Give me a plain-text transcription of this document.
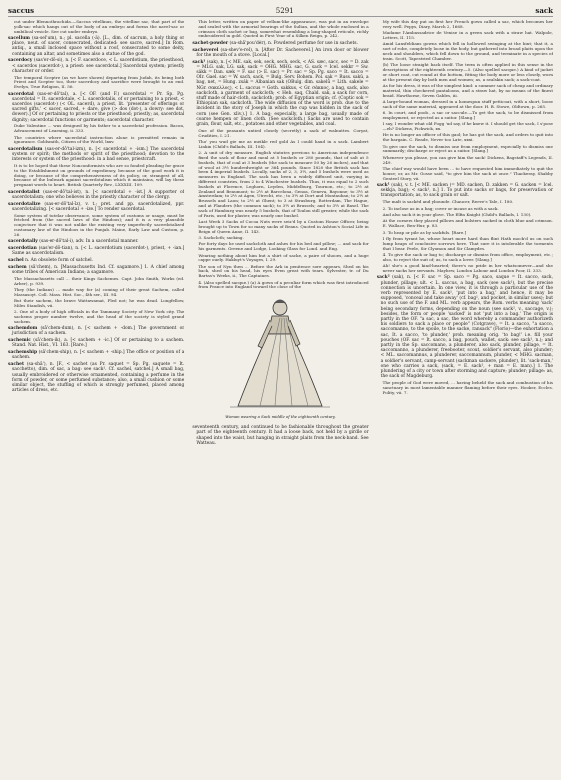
saccus	5291	sack

cut under Blennothrachida.—Saccus vitellinus, the vitelline sac, that part of the yolk-sac which hangs out of the body of an embryo and forms the navel-sac or umbilical vesicle. See cut under embryo.

sacellum (sa-sel'um), n.; pl. sacella (-ä). [L., dim. of sacrum, a holy thing or place, neut. of sacer, consecrated, dedicated: see sacre, sacred.] In Rom. antiq., a small inclosed space without a roof, consecrated to some deity, containing an altar, and sometimes also a statue of the god.

sacerdocy (sas'er-dō-si), n. [< F. sacerdoce, < L. sacerdotium, the priesthood, < sacerdos (sacerdot-), a priest: see sacerdotal.] Sacerdotal system; priestly character or order.

The temporal Sceptre (as we have shown) departing from Judah, its being both Priest and Scepter too, their sacerdocy and sacrifice were brought to an end. Evelyn, True Religion, II. 56.

sacerdotal (sas-er-dō'tal), a. [< OF. (and F.) sacerdotal = Pr. Sp. Pg. sacerdotal = It. sacerdotale, < L. sacerdotalis, of or pertaining to a priest, < sacerdos (sacerdot-) (< OL. sacerd), a priest, lit. 'presenter of offerings or sacred gifts,' < sacer, sacred, + dare, give (> dos (dot-), a dowry: see dot, dower).] Of or pertaining to priests or the priesthood; priestly; as, sacerdotal dignity; sacerdotal functions or garments; sacerdotal character.

Duke Valentine ... was designed by his father to a sacerdotal profession. Bacon, Advancement of Learning, ii. 333.

The countries where sacerdotal instruction alone is permitted remain in ignorance. Goldsmith, Citizen of the World, lxxv.

sacerdotalism (sas-er-dō'tal-izm), n. [< sacerdotal + -ism.] The sacerdotal system or spirit; the methods or spirit of the priesthood; devotion to the interests or system of the priesthood: in a bad sense, priestcraft.

It is to be hoped that these Nonconformists who are so fonded pleading for grace to the Establishment on grounds of expediency, because of the good work it is doing, or because of the comprehensiveness of its policy, or, strangest of all, because of the bulwark against sacerdotalism which it maintains, will lay these pregnant words to heart. British Quarterly Rev., LXXXIII. 109.

sacerdotalist (sas-er-dō'tal-ist), n. [< sacerdotal + -ist.] A supporter of sacerdotalism; one who believes in the priestly character of the clergy.

sacerdotalize (sas-er-dō'tal-īz), v. t.; pret. and pp. sacerdotalized, ppr. sacerdotalizing. [< sacerdotal + -ize.] To render sacerdotal.

Some system of tutelar observance, some system of customs or usage, must be fetched from (the sacred laws of the Hindoos); and it is a very plausible conjecture that it was not unlike the existing very imperfectly sacerdotalized customary law of the Hindoos in the Punjab. Maine, Early Law and Custom, p. 26.

sacerdotally (sas-er-dō'tal-i), adv. In a sacerdotal manner.

sacerdotian (sas'er-dō-tian), n. [< L. sacerdotium (sacerdot-), priest, + -ian.] Same as sacerdotalism.

sachel n. An obsolete form of satchel.

sachem (sā'chem), n. [Massachusetts Ind. Cf. sagamore.] 1. A chief among some tribes of American Indians; a sagamore.

The Massachusetts call ... their Kings Sachemes. Capt. John Smith, Works (ed. Arber), p. 939.

They (the Indians) ... made way for (a) coming of their great Sachem, called Massasoyt. Coll. Mass. Hist. Soc., 4th ser., III. 94.

But their sachem, the brave Wattawamat, Fled not; he was dead. Longfellow, Miles Standish, vii.

2. One of a body of high officials in the Tammany Society of New York city. The sachems proper number twelve, and the head of the society is styled grand sachem.

sachemdom (sā'chem-dum), n. [< sachem + -dom.] The government or jurisdiction of a sachem.

sachemic (sā'chem-ik), a. [< sachem + -ic.] Of or pertaining to a sachem. Stand. Nat. Hist., VI. 163. [Rare.]

sachemship (sā'chem-ship), n. [< sachem + -ship.] The office or position of a sachem.

sachet (sa-shā'), n. [F., < sachet (as Pr. saquet = Sp. Pg. saquete = It. sacchetto), dim. of sac, a bag: see sack¹. Cf. sachel, satchel.] A small bag, usually embroidered or otherwise ornamented, containing a perfume in the form of powder, or some perfumed substance; also, a small cushion or some similar object, the stuffing of which is strongly perfumed, placed among articles of dress, etc.

This letter, written on paper of vellum-like appearance, was put in an envelope and sealed with the armorial bearings of the Sultan, and the whole enclosed in a crimson cloth sachet or bag, somewhat resembling a long-shaped reticule, richly embroidered in gold. Quoted in First Year of a Silken Reign, p. 242.

sachet-powder (sa-shā'pou'dėr), n. Powdered perfume for use in sachets.

sacheverel (sa-shev'e-rel), n. [After Dr. Sacheverel.] An iron door or blower for the mouth of a stove. [Local.]

sack¹ (sak), n. [< ME. sak, sek, seck, sech, seck, < AS. sæc, sacc, sec = D. zak = MLG. sak, LG. sak, sack = OHG. MHG. sac, G. sack = Icel. sekkr = Sw. säkk = Dan. sæk = F. sac (> E. sac) = Pr. sac = Sp. Pg. saco = It. sacco = OIr. Gael. sac = W. sach, sack, = Bulg. Serv. Bohem. Pol. sak = Russ. sakŭ, a bag, net, = Hung. zsák = Albanian sak (OBulg. dim. sakelů = Lith. sakele = NGr. σακελλος), < L. saccus = Goth. sakkus, < Gr. σάκκος, a bag, sack, also sackcloth, a garment of sackcloth; < Heb. saq, Chald. sak, a sack for corn, stuff made of hair-cloth, sackcloth; prob. of Egyptian origin; cf. (Coptic sok = Ethiopian sak, sackcloth. The wide diffusion of the word is prob. due to the incident in the story of Joseph in which the cup was hidden in the sack of corn (see Gen. xliv.).] 1. A bag; especially, a large bag, usually made of coarse hempen or linen cloth. (See sackcloth.) Sacks are used to contain grain, flour, salt, etc., potatoes and other vegetables, and coal.

One of the peasants untied closely (secretly) a sack of walnuttes. Coryat, Crudities, I. 21.

Tho' you wud gie me as meikle red gold As I could haud in a sack. Lambert Linkin (Child's Ballads, III. 104).

2. A unit of dry measure. English statutes previous to American independence fixed the sack of flour and meal at 5 bushels or 280 pounds, that of salt at 5 bushels, that of coal at 3 bushels (the sack to measure 50 by 26 inches), and that of wool at 3½ hundredweight or 364 pounds. Since 1820 the British sack has been 4 imperial bushels. Locally, sacks of 2, 3, 3½, and 5 bushels were used as measures in England. The sack has been a widely diffused unit, varying in different countries, from 2 to 4 Winchester bushels. Thus, it was equal to 2 such bushels at Florence, Leghorn, Leyden, Middelburg, Tournon, etc.; to 2½ at Zealand and Beaumont; to 2½ at Barcelona, Genoa, Geneva, Bayonne; to 3½ at Amsterdam; to 2½ at Agen, Utrecht, etc.; to 3½ at Dort and Montauban; to 2½ at Brussels and Laon; to 2½ at Ghent; to 3 at Strasburg, Rotterdam, The Hague, and at Flanders (the common sack); to 3½ at Brussels; and to 3½ at Basel. The sack of Hamburg was nearly 5 bushels, that of Toulon still greater, while the sack of Paris, used for plaster, was nearly one bushel.

Last Week 3 Sacks of Cocoa Nuts were seiz'd by a Custom House Officer, being brought up to Town for so many sacks of Beans. Quoted in Ashton's Social Life in Reign of Queen Anne, II. 143.

3. Sackcloth; sacking.

For forty days he used sackcloth and ashes for his bed and pillow; ... and sack for his garments. Greene and Lodge, Looking Glass for Lond. and Eng.

Wearing nothing about him but a shirt of sacke, a paire of shooes, and a huge cappe ouely. Hakluyt's Voyages, I. 29.

The son of Nyn then ... Before the Ark in penitence sore appears, Shed on his back, shed on his head, his eyes Even great with tears. Sylvester, tr. of Du Bartas's Weeks, ii., The Captaines.

4. (Also spelled sacque.) (a) A gown of a peculiar form which was first introduced from France into England toward the close of the

Woman wearing a Sack middle of the eighteenth century.

seventeenth century, and continued to be fashionable throughout the greater part of the eighteenth century. It had a loose back, not held by a girdle or shaped into the waist, but hanging in straight plaits from the neck-band. See Watteau.

My wife this day put on first her French gown called a sac, which becomes her very well. Pepys, Diary, March 2, 1668.

Madame l'Ambassadrice de Venise in a green sack with a straw hat. Walpole, Letters, II. 115.

Amid Lansfeldians gowns which fell in hollowed swinging at the hint; that it, a sort of robe, completely loose in the body, but gathered into broad plaits upon the neck and shoulders, which fell down to the ground, and terminate in a species of train. Scott, Tapestried Chamber.

(b) The loose straight back itself. The term is often applied in this sense in the descriptions of the eighteenth century.—5. (Also spelled sacque.) A kind of jacket or short coat, cut round at the bottom, fitting the body more or less closely, worn at the present day by both men and women; as, a sealskin sack; a sack-coat.

As for his dress, it was of the simplest kind: a summer sack of cheap and ordinary material, thin checkered pantaloons, and a straw hat, by no means of the finest braid. Hawthorne, Seven Gables, iii.

A large-bound woman, dressed in a homespun stuff petticoat, with a short, loose sack of the same material, appeared at the door. H. B. Stowe, Oldtown, p. 265.

6. In court, and poob., a sac or saccule.—To get the sack, to be dismissed from employment, or rejected as a suitor. [Slang.]

I say, I wonder what old Fogg 'ud say, if he knew it. I should get the sack, I s'pose—eh? Dickens, Pickwick, xx.

He is no longer an officer of this gaol; he has got the sack, and orders to quit into the bargain. C. Reade, Never too Late, xxxi.

To give one the sack, to dismiss one from employment, especially to dismiss one summarily; discharge or reject as a suitor. [Slang.]

Whenever you please, you can give him the sack! Dickens, Bagstaff's Legends, II. 249.

The chief way would have been ... to have requested him immediately to quit the house; or, as Mr. Gosse said, "to give him the sack at once." Thackeray, Shabby Genteel Story, vii.

sack¹ (sak), v. t. [< ME. sacken (= MD. sacken, D. zakken = G. sacken = Icel. sekkja, bag); < sack¹, n.] 1. To put into sacks or bags, for preservation or transportation; as, to sack grain or salt.

The malt is sackèd and ybounde. Chaucer, Reeve's Tale, I. 180.

2. To inclose as in a bag; cover or incase as with a sack.

And also sack it in your glove. The Elfin Knight (Child's Ballads, I. 130).

At the corners they placed pillows and bolsters sacked in cloth blue and crimson. E. Wallace, Ben-Hur, p. 83.

3. To heap or pile as by sackfuls. [Rare.]

I fly from tyrant he, whose heart more hard than flint Hath mock'd us on such lump heaps of conclusive sorrows here. That sure it is intolerable the torments that I bear. Peele, Sir Clyomon and Sir Clamydes.

4. To give the sack or bag to; discharge or dismiss from office, employment, etc.; also, to reject the suit of; as, to sack a lover. [Slang.]

Ah! she's a good kind-hearted; there's no pride in her whatsomever—and she never sacks her servants. Mayhew, London Labour and London Poor, II. 333.

sack² (sak), n. [< F. sac = Sp. saco = Pg. saco, saque = It. sacco, sack, plunder, pillage; ult. < L. saccus, a bag, sack (see sack¹), but the precise connection is uncertain. In one view, it is through a particular use of the verb represented by E. sack¹, 'put into a bag,' and hence, it may be supposed, 'conceal and take away' (cf. bag¹, and pocket, in similar uses); but no such use of the F. and ML. verb appears, the Rom. verbs meaning 'sack' being secondary forms, depending on the noun (see sack², v., saccage, v.); besides, the form or people 'sacked' is not 'put into a bag.' The origin is partly in the OF. "a sac, a sac, the word whereby a commander authorizeth his soldiers to sack a place or people" (Cotgrave), = It. a sacco, "a sacco, saccomanno, to the spoile, to the sacke, ransack" (Florio)—the exhortation a sac, It. a sacco, 'to plunder,' prob. meaning orig. 'to bag!' i.e. fill your pouches (OF. sac = It. sacco, a bag, pouch, wallet, sack: see sack¹, n.); and partly in the Sp. saccomano, a plunderer, also sack, plunder, pillage, = It. saccomanno, a plunderer, freebooter, scout, soldier's servant, also plunder; < ML. saccomannus, a plunderer, saccomannum, plunder, < MHG. sacman, a soldier's servant, camp-servant (sackman sackere, plunder), lit. 'sack-man,' one who carries a sack, (sack, = E. sack¹, + man = E. man).] 1. The plundering of a city or town after storming and capture; plunder; pillage: as, the sack of Magdeburg.

The people of God were moved, ... having beheld the sack and combustion of his sanctuary in most lamentable manner flaming before their eyes. Hooker, Eccles. Polity, vii. 7.
